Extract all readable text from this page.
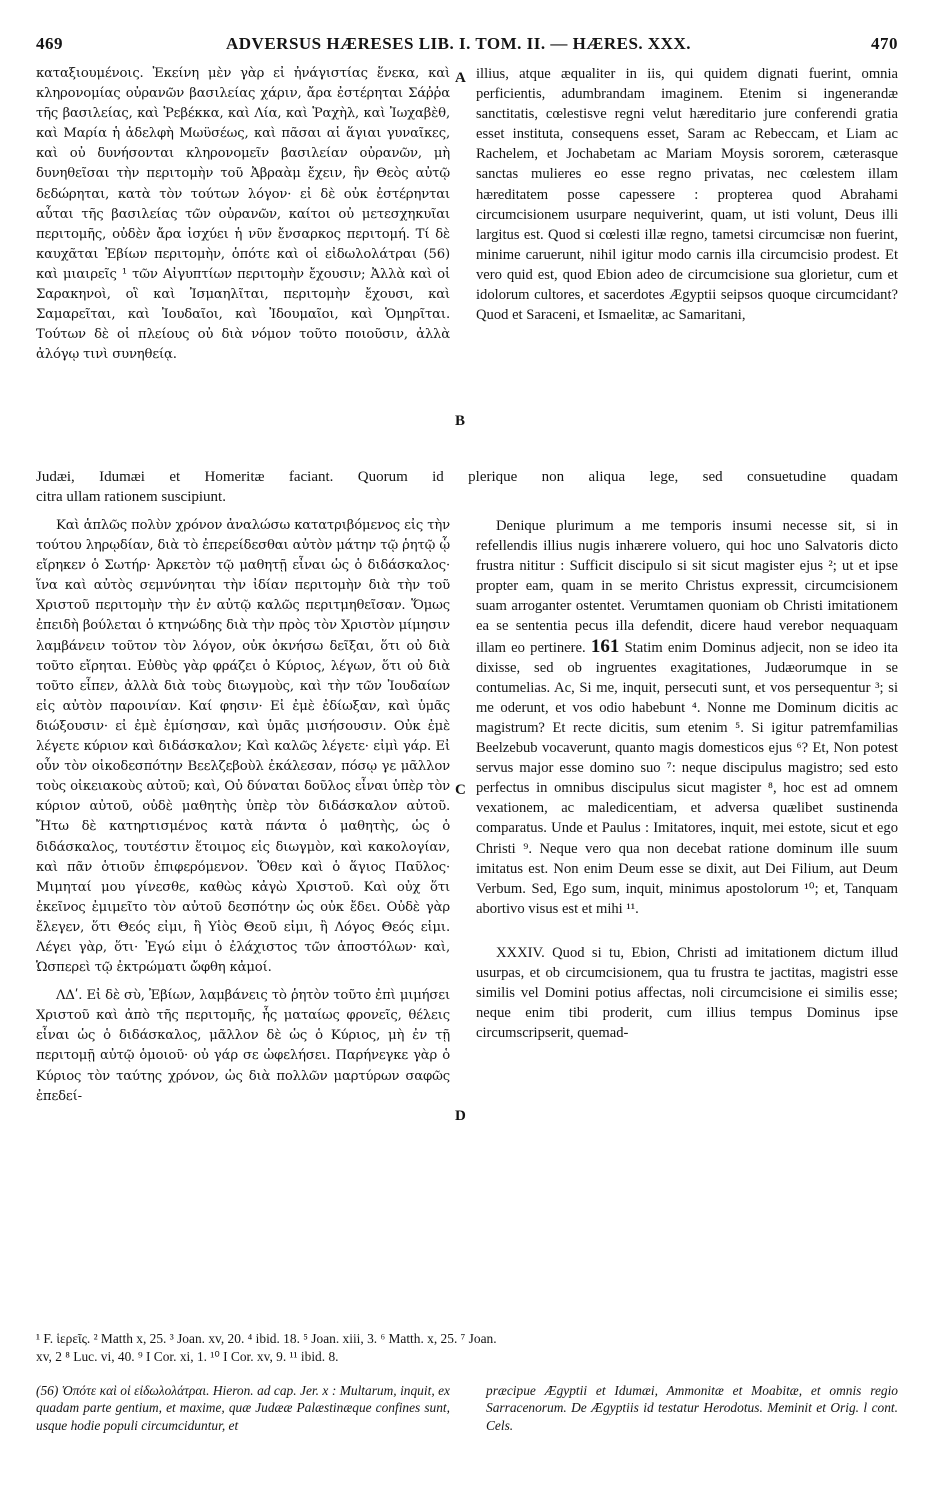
469	ADVERSUS HÆRESES LIB. I. TOM. II. — HÆRES. XXX.	470

καταξιουμένοις. Ἐκείνη μὲν γὰρ εἰ ἠνάγιστίας ἕνεκα, καὶ κληρονομίας οὐρανῶν βασιλείας χάριν, ἄρα ἐστέρηται Σάῤῥα τῆς βασιλείας, καὶ Ῥεβέκκα, καὶ Λία, καὶ Ῥαχὴλ, καὶ Ἰωχαβὲθ, καὶ Μαρία ἡ ἀδελφὴ Μωϋσέως, καὶ πᾶσαι αἱ ἅγιαι γυναῖκες, καὶ οὐ δυνήσονται κληρονομεῖν βασιλείαν οὐρανῶν, μὴ δυνηθεῖσαι τὴν περιτομὴν τοῦ Ἀβραὰμ ἔχειν, ἣν Θεὸς αὐτῷ δεδώρηται, κατὰ τὸν τούτων λόγον· εἰ δὲ οὐκ ἐστέρηνται αὗται τῆς βασιλείας τῶν οὐρανῶν, καίτοι οὐ μετεσχηκυῖαι περιτομῆς, οὐδὲν ἄρα ἰσχύει ἡ νῦν ἔνσαρκος περιτομή. Τί δὲ καυχᾶται Ἐβίων περιτομὴν, ὁπότε καὶ οἱ εἰδωλολάτραι (56) καὶ μιαιρεῖς ¹ τῶν Αἰγυπτίων περιτομὴν ἔχουσιν; Ἀλλὰ καὶ οἱ Σαρακηνοὶ, οἳ καὶ Ἰσμαηλῖται, περιτομὴν ἔχουσι, καὶ Σαμαρεῖται, καὶ Ἰουδαῖοι, καὶ Ἰδουμαῖοι, καὶ Ὁμηρῖται. Τούτων δὲ οἱ πλείους οὐ διὰ νόμον τοῦτο ποιοῦσιν, ἀλλὰ ἀλόγῳ τινὶ συνηθείᾳ.

illius, atque æqualiter in iis, qui quidem dignati fuerint, omnia perficientis, adumbrandam imaginem. Etenim si ingenerandæ sanctitatis, cœlestisve regni velut hæreditario jure conferendi gratia esset instituta, consequens esset, Saram ac Rebeccam, et Liam ac Rachelem, et Jochabetam ac Mariam Moysis sororem, cæterasque sanctas mulieres eo esse regno privatas, nec cœlestem illam hæreditatem posse capessere : propterea quod Abrahami circumcisionem usurpare nequiverint, quam, ut isti volunt, Deus illi largitus est. Quod si cœlesti illæ regno, tametsi circumcisæ non fuerint, minime caruerunt, nihil igitur modo carnis illa circumcisio prodest. Et vero quid est, quod Ebion adeo de circumcisione sua glorietur, cum et idolorum cultores, et sacerdotes Ægyptii seipsos quoque circumcidant? Quod et Saraceni, et Ismaelitæ, ac Samaritani,

A
B
Judæi, Idumæi et Homeritæ faciant. Quorum id plerique non aliqua lege, sed consuetudine quadam
citra ullam rationem suscipiunt.

Καὶ ἁπλῶς πολὺν χρόνον ἀναλώσω κατατριβόμενος εἰς τὴν τούτου ληρῳδίαν, διὰ τὸ ἐπερείδεσθαι αὐτὸν μάτην τῷ ῥητῷ ᾧ εἴρηκεν ὁ Σωτήρ· Ἀρκετὸν τῷ μαθητῇ εἶναι ὡς ὁ διδάσκαλος· ἵνα καὶ αὐτὸς σεμνύνηται τὴν ἰδίαν περιτομὴν διὰ τὴν τοῦ Χριστοῦ περιτομὴν τὴν ἐν αὐτῷ καλῶς περιτμηθεῖσαν. Ὅμως ἐπειδὴ βούλεται ὁ κτηνώδης διὰ τὴν πρὸς τὸν Χριστὸν μίμησιν λαμβάνειν τοῦτον τὸν λόγον, οὐκ ὀκνήσω δεῖξαι, ὅτι οὐ διὰ τοῦτο εἴρηται. Εὐθὺς γὰρ φράζει ὁ Κύριος, λέγων, ὅτι οὐ διὰ τοῦτο εἶπεν, ἀλλὰ διὰ τοὺς διωγμοὺς, καὶ τὴν τῶν Ἰουδαίων εἰς αὐτὸν παροινίαν. Καί φησιν· Εἰ ἐμὲ ἐδίωξαν, καὶ ὑμᾶς διώξουσιν· εἰ ἐμὲ ἐμίσησαν, καὶ ὑμᾶς μισήσουσιν. Οὐκ ἐμὲ λέγετε κύριον καὶ διδάσκαλον; Καὶ καλῶς λέγετε· εἰμὶ γάρ. Εἰ οὖν τὸν οἰκοδεσπότην Βεελζεβοὺλ ἐκάλεσαν, πόσῳ γε μᾶλλον τοὺς οἰκειακοὺς αὐτοῦ; καὶ, Οὐ δύναται δοῦλος εἶναι ὑπὲρ τὸν κύριον αὐτοῦ, οὐδὲ μαθητὴς ὑπὲρ τὸν διδάσκαλον αὐτοῦ. Ἤτω δὲ κατηρτισμένος κατὰ πάντα ὁ μαθητὴς, ὡς ὁ διδάσκαλος, τουτέστιν ἕτοιμος εἰς διωγμὸν, καὶ κακολογίαν, καὶ πᾶν ὁτιοῦν ἐπιφερόμενον. Ὅθεν καὶ ὁ ἅγιος Παῦλος· Μιμηταί μου γίνεσθε, καθὼς κἀγὼ Χριστοῦ. Καὶ οὐχ ὅτι ἐκεῖνος ἐμιμεῖτο τὸν αὐτοῦ δεσπότην ὡς οὐκ ἔδει. Οὐδὲ γὰρ ἔλεγεν, ὅτι Θεός εἰμι, ἢ Υἱὸς Θεοῦ εἰμι, ἢ Λόγος Θεός εἰμι. Λέγει γὰρ, ὅτι· Ἐγώ εἰμι ὁ ἐλάχιστος τῶν ἀποστόλων· καὶ, Ὡσπερεὶ τῷ ἐκτρώματι ὤφθη κἀμοί.

ΛΔʹ. Εἰ δὲ σὺ, Ἐβίων, λαμβάνεις τὸ ῥητὸν τοῦτο ἐπὶ μιμήσει Χριστοῦ καὶ ἀπὸ τῆς περιτομῆς, ἧς ματαίως φρονεῖς, θέλεις εἶναι ὡς ὁ διδάσκαλος, μᾶλλον δὲ ὡς ὁ Κύριος, μὴ ἐν τῇ περιτομῇ αὐτῷ ὁμοιοῦ· οὐ γάρ σε ὠφελήσει. Παρήνεγκε γὰρ ὁ Κύριος τὸν ταύτης χρόνον, ὡς διὰ πολλῶν μαρτύρων σαφῶς ἐπεδεί-

Denique plurimum a me temporis insumi necesse sit, si in refellendis illius nugis inhærere voluero, qui hoc uno Salvatoris dicto frustra nititur : Sufficit discipulo si sit sicut magister ejus ²; ut et ipse propter eam, quam in se merito Christus expressit, circumcisionem suam arroganter ostentet. Verumtamen quoniam ob Christi imitationem ea se sententia pecus illa defendit, dicere haud verebor nequaquam illam eo pertinere. 161 Statim enim Dominus adjecit, non se ideo ita dixisse, sed ob ingruentes exagitationes, Judæorumque in se contumelias. Ac, Si me, inquit, persecuti sunt, et vos persequentur ³; si me oderunt, et vos odio habebunt ⁴. Nonne me Dominum dicitis ac magistrum? Et recte dicitis, sum etenim ⁵. Si igitur patremfamilias Beelzebub vocaverunt, quanto magis domesticos ejus ⁶? Et, Non potest servus major esse domino suo ⁷: neque discipulus magistro; sed esto perfectus in omnibus discipulus sicut magister ⁸, hoc est ad omnem vexationem, ac maledicentiam, et adversa quælibet sustinenda comparatus. Unde et Paulus : Imitatores, inquit, mei estote, sicut et ego Christi ⁹. Neque vero qua non decebat ratione dominum ille suum imitatus est. Non enim Deum esse se dixit, aut Dei Filium, aut Deum Verbum. Sed, Ego sum, inquit, minimus apostolorum ¹⁰; et, Tanquam abortivo visus est et mihi ¹¹.

XXXIV. Quod si tu, Ebion, Christi ad imitationem dictum illud usurpas, et ob circumcisionem, qua tu frustra te jactitas, magistri esse similis vel Domini potius affectas, noli circumcisione ei similis esse; neque enim tibi proderit, cum illius tempus Dominus ipse circumscripserit, quemad-

C
D
¹ F. ἱερεῖς. ² Matth x, 25. ³ Joan. xv, 20. ⁴ ibid. 18. ⁵ Joan. xiii, 3. ⁶ Matth. x, 25. ⁷ Joan.
xv, 2 ⁸ Luc. vi, 40. ⁹ I Cor. xi, 1. ¹⁰ I Cor. xv, 9. ¹¹ ibid. 8.
(56) Ὁπότε καὶ οἱ εἰδωλολάτραι. Hieron. ad cap. Jer. x : Multarum, inquit, ex quadam parte gentium, et maxime, quæ Judææ Palæstinæque confines sunt, usque hodie populi circumciduntur, et
præcipue Ægyptii et Idumæi, Ammonitæ et Moabitæ, et omnis regio Sarracenorum. De Ægyptiis id testatur Herodotus. Meminit et Orig. l cont. Cels.
